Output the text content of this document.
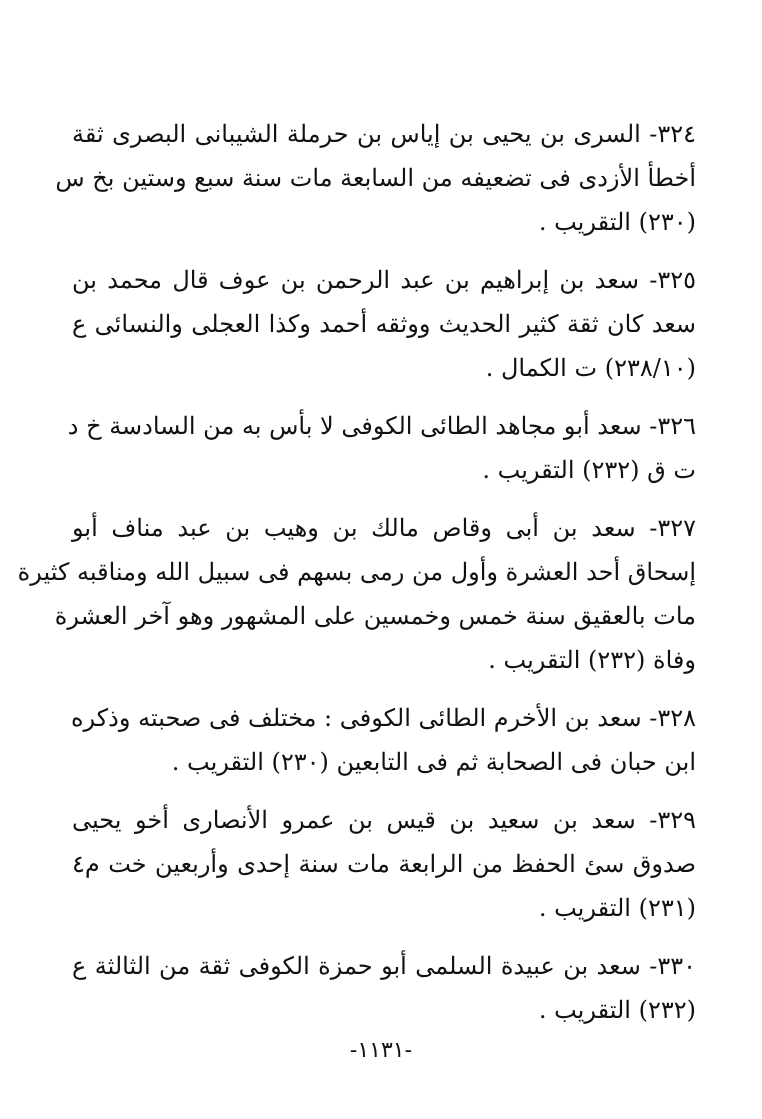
٣٢٤- السرى بن يحيى بن إياس بن حرملة الشيبانى البصرى ثقة
أخطأ الأزدى فى تضعيفه من السابعة مات سنة سبع وستين بخ س
(٢٣٠) التقريب .
٣٢٥- سعد بن إبراهيم بن عبد الرحمن بن عوف قال محمد بن
سعد كان ثقة كثير الحديث ووثقه أحمد وكذا العجلى والنسائى ع
(٢٣٨/١٠) ت الكمال .
٣٢٦- سعد أبو مجاهد الطائى الكوفى لا بأس به من السادسة خ د
ت ق (٢٣٢) التقريب .
٣٢٧- سعد بن أبى وقاص مالك بن وهيب بن عبد مناف أبو
إسحاق أحد العشرة وأول من رمى بسهم فى سبيل الله ومناقبه كثيرة
مات بالعقيق سنة خمس وخمسين على المشهور وهو آخر العشرة
وفاة (٢٣٢) التقريب .
٣٢٨- سعد بن الأخرم الطائى الكوفى : مختلف فى صحبته وذكره
ابن حبان فى الصحابة ثم فى التابعين (٢٣٠) التقريب .
٣٢٩- سعد بن سعيد بن قيس بن عمرو الأنصارى أخو يحيى
صدوق سئ الحفظ من الرابعة مات سنة إحدى وأربعين خت م٤
(٢٣١) التقريب .
٣٣٠- سعد بن عبيدة السلمى أبو حمزة الكوفى ثقة من الثالثة ع
(٢٣٢) التقريب .
-١١٣١-
